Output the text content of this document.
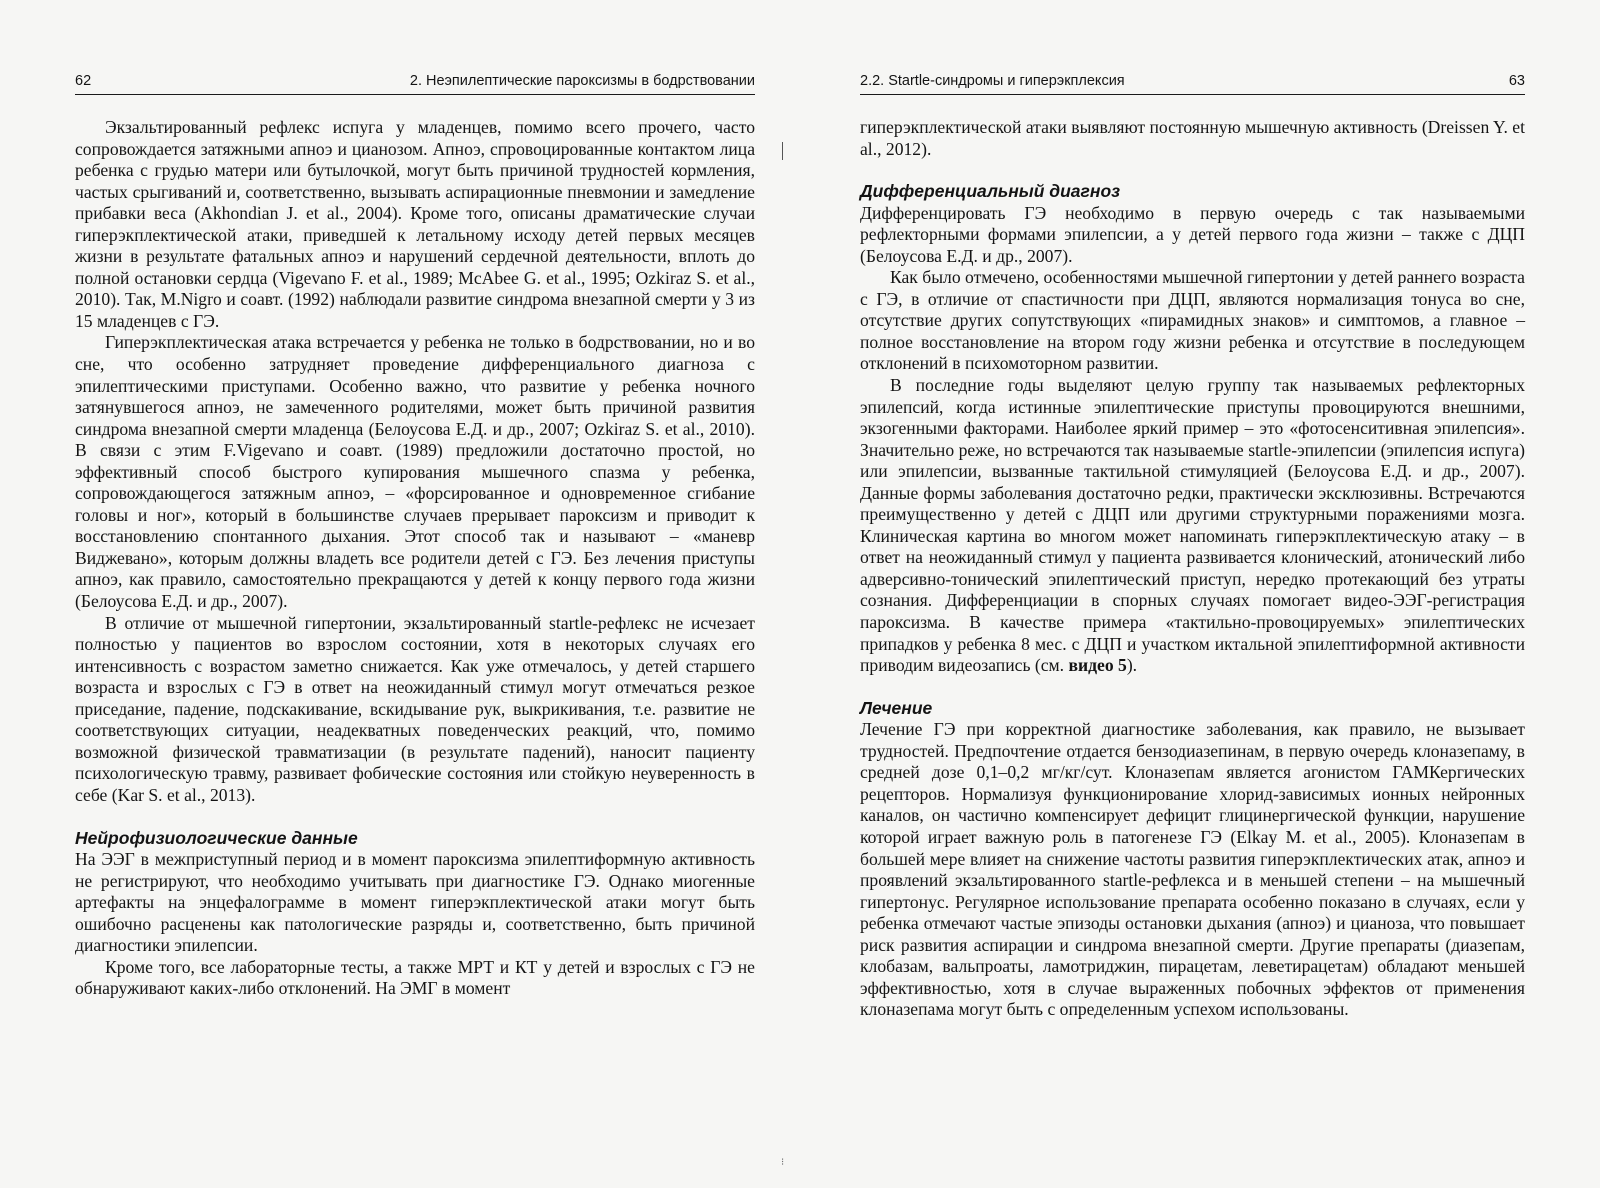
62	2. Неэпилептические пароксизмы в бодрствовании

Экзальтированный рефлекс испуга у младенцев, помимо всего прочего, часто сопровождается затяжными апноэ и цианозом. Апноэ, спровоцированные контактом лица ребенка с грудью матери или бутылочкой, могут быть причиной трудностей кормления, частых срыгиваний и, соответственно, вызывать аспирационные пневмонии и замедление прибавки веса (Akhondian J. et al., 2004). Кроме того, описаны драматические случаи гиперэкплектической атаки, приведшей к летальному исходу детей первых месяцев жизни в результате фатальных апноэ и нарушений сердечной деятельности, вплоть до полной остановки сердца (Vigevano F. et al., 1989; McAbee G. et al., 1995; Ozkiraz S. et al., 2010). Так, M.Nigro и соавт. (1992) наблюдали развитие синдрома внезапной смерти у 3 из 15 младенцев с ГЭ.

Гиперэкплектическая атака встречается у ребенка не только в бодрствовании, но и во сне, что особенно затрудняет проведение дифференциального диагноза с эпилептическими приступами. Особенно важно, что развитие у ребенка ночного затянувшегося апноэ, не замеченного родителями, может быть причиной развития синдрома внезапной смерти младенца (Белоусова Е.Д. и др., 2007; Ozkiraz S. et al., 2010). В связи с этим F.Vigevano и соавт. (1989) предложили достаточно простой, но эффективный способ быстрого купирования мышечного спазма у ребенка, сопровождающегося затяжным апноэ, – «форсированное и одновременное сгибание головы и ног», который в большинстве случаев прерывает пароксизм и приводит к восстановлению спонтанного дыхания. Этот способ так и называют – «маневр Виджевано», которым должны владеть все родители детей с ГЭ. Без лечения приступы апноэ, как правило, самостоятельно прекращаются у детей к концу первого года жизни (Белоусова Е.Д. и др., 2007).

В отличие от мышечной гипертонии, экзальтированный startle-рефлекс не исчезает полностью у пациентов во взрослом состоянии, хотя в некоторых случаях его интенсивность с возрастом заметно снижается. Как уже отмечалось, у детей старшего возраста и взрослых с ГЭ в ответ на неожиданный стимул могут отмечаться резкое приседание, падение, подскакивание, вскидывание рук, выкрикивания, т.е. развитие не соответствующих ситуации, неадекватных поведенческих реакций, что, помимо возможной физической травматизации (в результате падений), наносит пациенту психологическую травму, развивает фобические состояния или стойкую неуверенность в себе (Kar S. et al., 2013).

Нейрофизиологические данные

На ЭЭГ в межприступный период и в момент пароксизма эпилептиформную активность не регистрируют, что необходимо учитывать при диагностике ГЭ. Однако миогенные артефакты на энцефалограмме в момент гиперэкплектической атаки могут быть ошибочно расценены как патологические разряды и, соответственно, быть причиной диагностики эпилепсии.

Кроме того, все лабораторные тесты, а также МРТ и КТ у детей и взрослых с ГЭ не обнаруживают каких-либо отклонений. На ЭМГ в момент

⁝
2.2. Startle-синдромы и гиперэкплексия	63

гиперэкплектической атаки выявляют постоянную мышечную активность (Dreissen Y. et al., 2012).

Дифференциальный диагноз

Дифференцировать ГЭ необходимо в первую очередь с так называемыми рефлекторными формами эпилепсии, а у детей первого года жизни – также с ДЦП (Белоусова Е.Д. и др., 2007).

Как было отмечено, особенностями мышечной гипертонии у детей раннего возраста с ГЭ, в отличие от спастичности при ДЦП, являются нормализация тонуса во сне, отсутствие других сопутствующих «пирамидных знаков» и симптомов, а главное – полное восстановление на втором году жизни ребенка и отсутствие в последующем отклонений в психомоторном развитии.

В последние годы выделяют целую группу так называемых рефлекторных эпилепсий, когда истинные эпилептические приступы провоцируются внешними, экзогенными факторами. Наиболее яркий пример – это «фотосенситивная эпилепсия». Значительно реже, но встречаются так называемые startle-эпилепсии (эпилепсия испуга) или эпилепсии, вызванные тактильной стимуляцией (Белоусова Е.Д. и др., 2007). Данные формы заболевания достаточно редки, практически эксклюзивны. Встречаются преимущественно у детей с ДЦП или другими структурными поражениями мозга. Клиническая картина во многом может напоминать гиперэкплектическую атаку – в ответ на неожиданный стимул у пациента развивается клонический, атонический либо адверсивно-тонический эпилептический приступ, нередко протекающий без утраты сознания. Дифференциации в спорных случаях помогает видео-ЭЭГ-регистрация пароксизма. В качестве примера «тактильно-провоцируемых» эпилептических припадков у ребенка 8 мес. с ДЦП и участком иктальной эпилептиформной активности приводим видеозапись (см. видео 5).

Лечение

Лечение ГЭ при корректной диагностике заболевания, как правило, не вызывает трудностей. Предпочтение отдается бензодиазепинам, в первую очередь клоназепаму, в средней дозе 0,1–0,2 мг/кг/сут. Клоназепам является агонистом ГАМКергических рецепторов. Нормализуя функционирование хлорид-зависимых ионных нейронных каналов, он частично компенсирует дефицит глицинергической функции, нарушение которой играет важную роль в патогенезе ГЭ (Elkay M. et al., 2005). Клоназепам в большей мере влияет на снижение частоты развития гиперэкплектических атак, апноэ и проявлений экзальтированного startle-рефлекса и в меньшей степени – на мышечный гипертонус. Регулярное использование препарата особенно показано в случаях, если у ребенка отмечают частые эпизоды остановки дыхания (апноэ) и цианоза, что повышает риск развития аспирации и синдрома внезапной смерти. Другие препараты (диазепам, клобазам, вальпроаты, ламотриджин, пирацетам, леветирацетам) обладают меньшей эффективностью, хотя в случае выраженных побочных эффектов от применения клоназепама могут быть с определенным успехом использованы.
